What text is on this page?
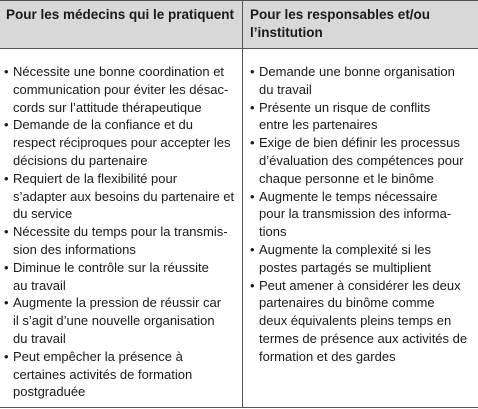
Pour les médecins qui le pratiquent Pour les responsables et/ou
l’institution
• Nécessite une bonne coordination et
communication pour éviter les désac-
cords sur l’attitude thérapeutique
• Demande de la confiance et du
respect réciproques pour accepter les
décisions du partenaire
• Requiert de la flexibilité pour
s’adapter aux besoins du partenaire et
du service
• Nécessite du temps pour la transmis-
sion des informations
• Diminue le contrôle sur la réussite
au travail
• Augmente la pression de réussir car
il s’agit d’une nouvelle organisation
du travail
• Peut empêcher la présence à
certaines activités de formation
postgraduée
• Demande une bonne organisation
du travail
• Présente un risque de conflits
entre les partenaires
• Exige de bien définir les processus
d’évaluation des compétences pour
chaque personne et le binôme
• Augmente le temps nécessaire
pour la transmission des informa-
tions
• Augmente la complexité si les
postes partagés se multiplient
• Peut amener à considérer les deux
partenaires du binôme comme
deux équivalents pleins temps en
termes de présence aux activités de
formation et des gardes
